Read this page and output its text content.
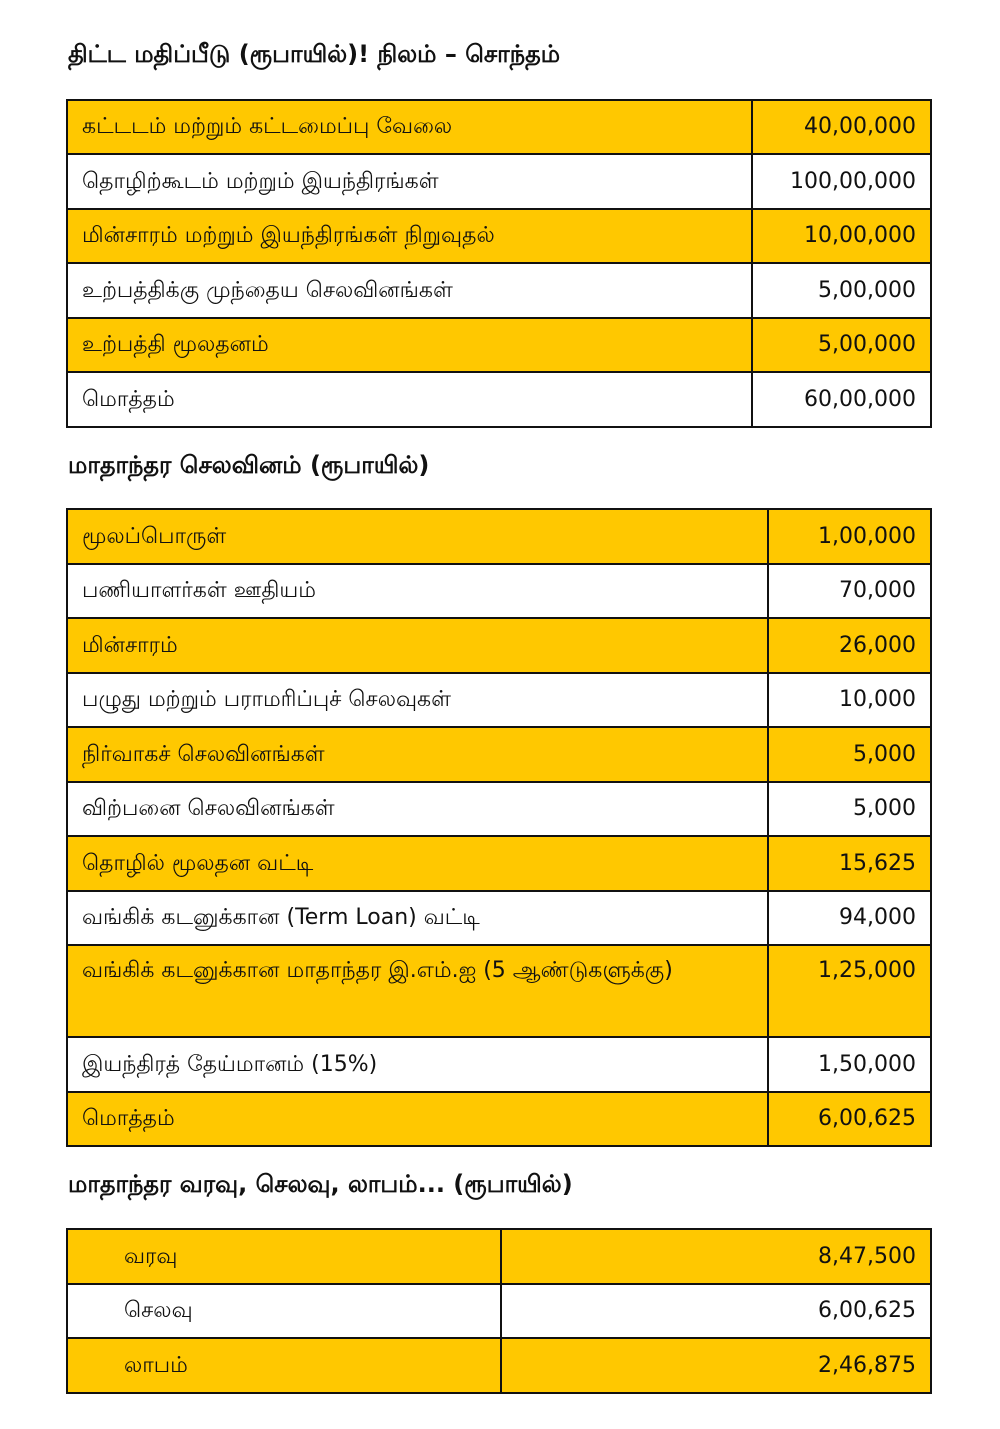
திட்ட மதிப்பீடு (ரூபாயில்)! நிலம் – சொந்தம்
கட்டடம் மற்றும் கட்டமைப்பு வேலை	40,00,000
தொழிற்கூடம் மற்றும் இயந்திரங்கள்	100,00,000
மின்சாரம் மற்றும் இயந்திரங்கள் நிறுவுதல்	10,00,000
உற்பத்திக்கு முந்தைய செலவினங்கள்	5,00,000
உற்பத்தி மூலதனம்	5,00,000
மொத்தம்	60,00,000
மாதாந்தர செலவினம் (ரூபாயில்)
மூலப்பொருள்	1,00,000
பணியாளர்கள் ஊதியம்	70,000
மின்சாரம்	26,000
பழுது மற்றும் பராமரிப்புச் செலவுகள்	10,000
நிர்வாகச் செலவினங்கள்	5,000
விற்பனை செலவினங்கள்	5,000
தொழில் மூலதன வட்டி	15,625
வங்கிக் கடனுக்கான (Term Loan) வட்டி	94,000
வங்கிக் கடனுக்கான மாதாந்தர இ.எம்.ஐ (5 ஆண்டுகளுக்கு)	1,25,000
இயந்திரத் தேய்மானம் (15%)	1,50,000
மொத்தம்	6,00,625
மாதாந்தர வரவு, செலவு, லாபம்... (ரூபாயில்)
வரவு	8,47,500
செலவு	6,00,625
லாபம்	2,46,875
